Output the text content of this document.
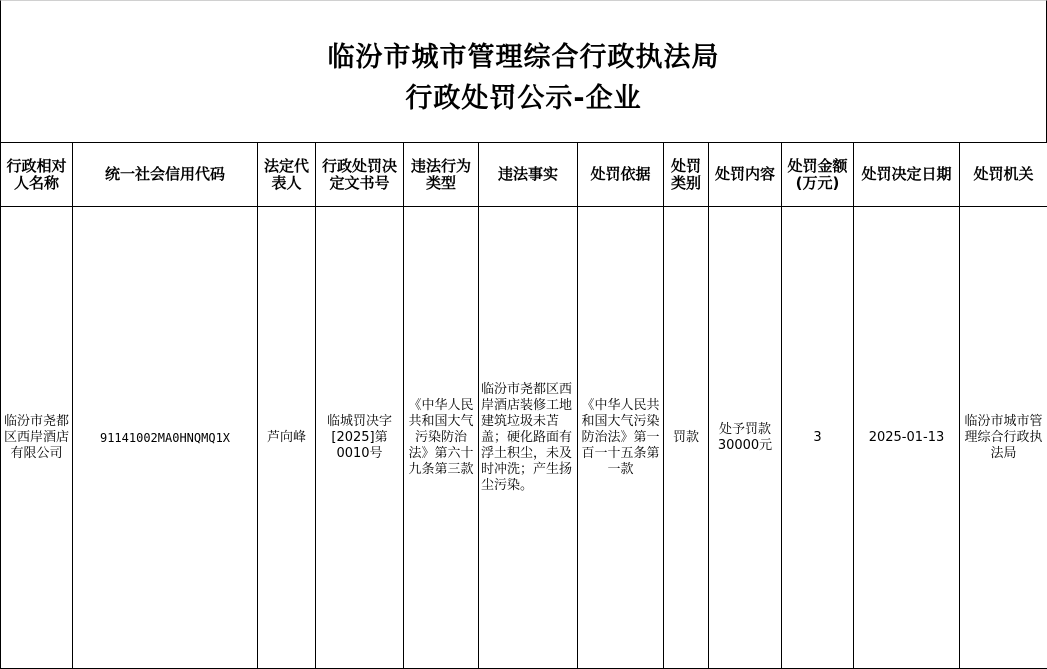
临汾市城市管理综合行政执法局
行政处罚公示-企业
行政相对人名称	统一社会信用代码	法定代表人	行政处罚决定文书号	违法行为类型	违法事实	处罚依据	处罚类别	处罚内容	处罚金额(万元)	处罚决定日期	处罚机关
临汾市尧都区西岸酒店有限公司	91141002MA0HNQMQ1X	芦向峰	临城罚决字[2025]第0010号	《中华人民共和国大气污染防治法》第六十九条第三款	临汾市尧都区西岸酒店装修工地建筑垃圾未苫盖；硬化路面有浮土积尘，未及时冲洗；产生扬尘污染。	《中华人民共和国大气污染防治法》第一百一十五条第一款	罚款	处予罚款30000元	3	2025-01-13	临汾市城市管理综合行政执法局
